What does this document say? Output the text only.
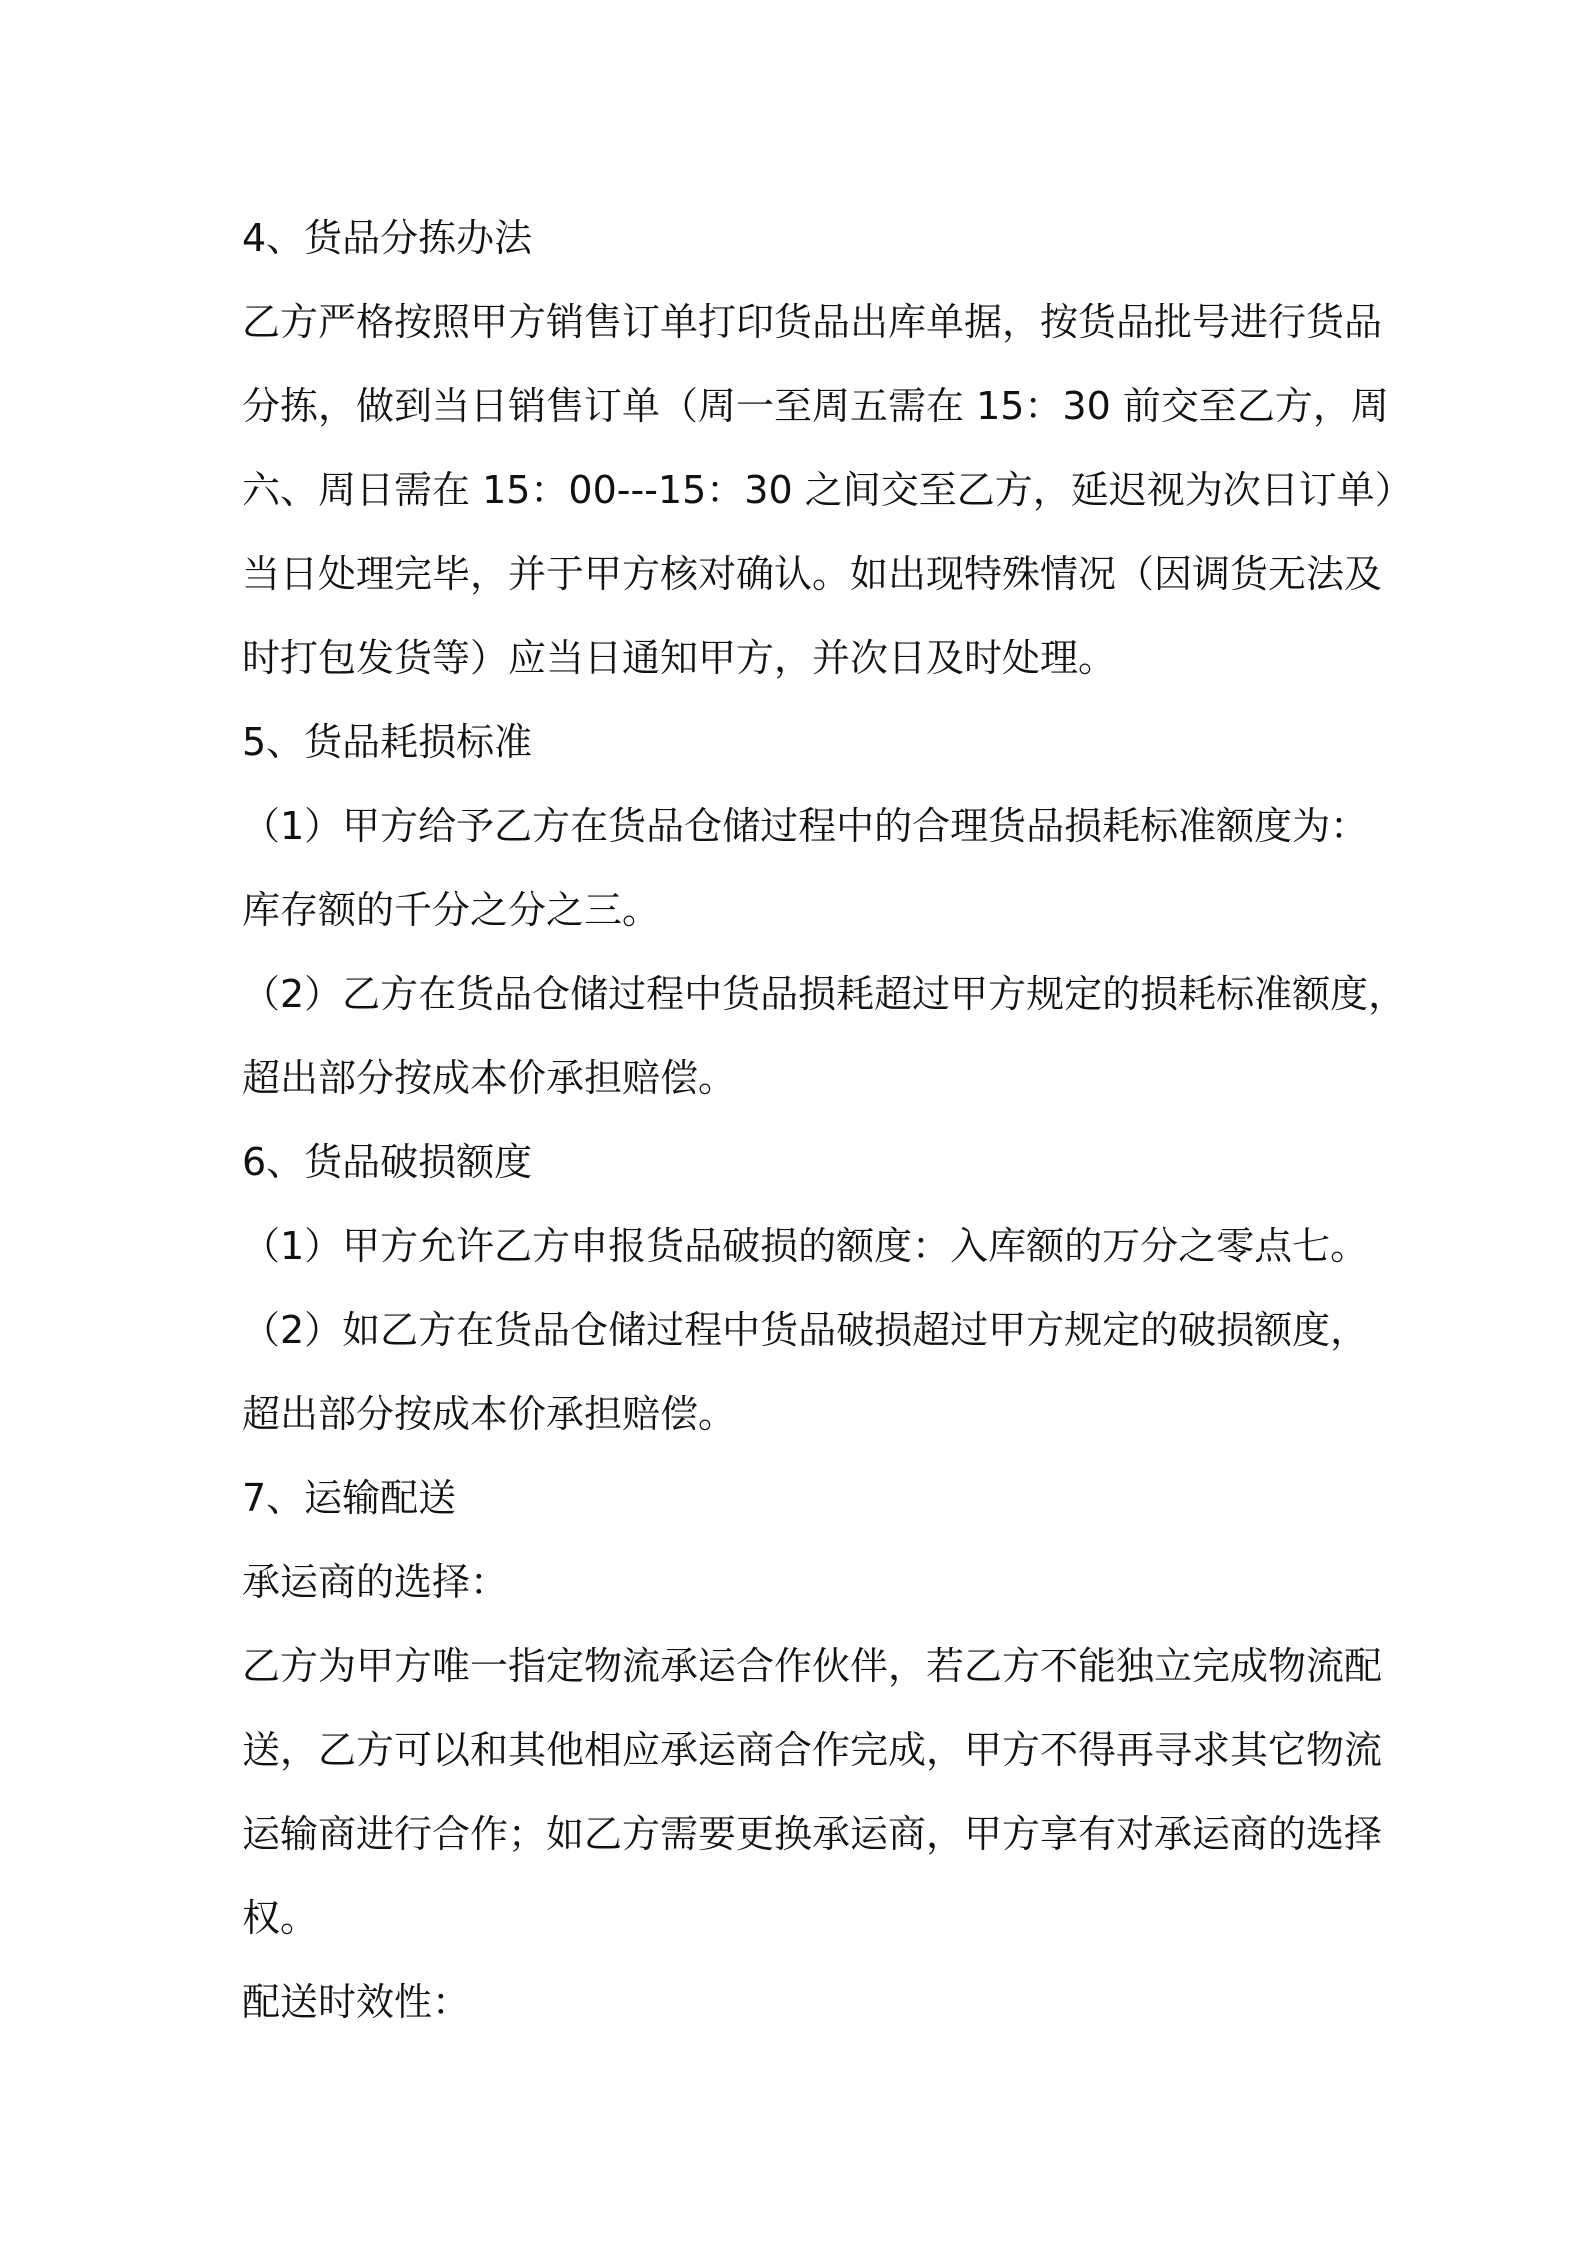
4、货品分拣办法
乙方严格按照甲方销售订单打印货品出库单据，按货品批号进行货品
分拣，做到当日销售订单（周一至周五需在 15：30 前交至乙方，周
六、周日需在 15：00---15：30 之间交至乙方，延迟视为次日订单）
当日处理完毕，并于甲方核对确认。如出现特殊情况（因调货无法及
时打包发货等）应当日通知甲方，并次日及时处理。
5、货品耗损标准
（1）甲方给予乙方在货品仓储过程中的合理货品损耗标准额度为：
库存额的千分之分之三。
（2）乙方在货品仓储过程中货品损耗超过甲方规定的损耗标准额度，
超出部分按成本价承担赔偿。
6、货品破损额度
（1）甲方允许乙方申报货品破损的额度：入库额的万分之零点七。
（2）如乙方在货品仓储过程中货品破损超过甲方规定的破损额度，
超出部分按成本价承担赔偿。
7、运输配送
承运商的选择：
乙方为甲方唯一指定物流承运合作伙伴，若乙方不能独立完成物流配
送，乙方可以和其他相应承运商合作完成，甲方不得再寻求其它物流
运输商进行合作；如乙方需要更换承运商，甲方享有对承运商的选择
权。
配送时效性：
